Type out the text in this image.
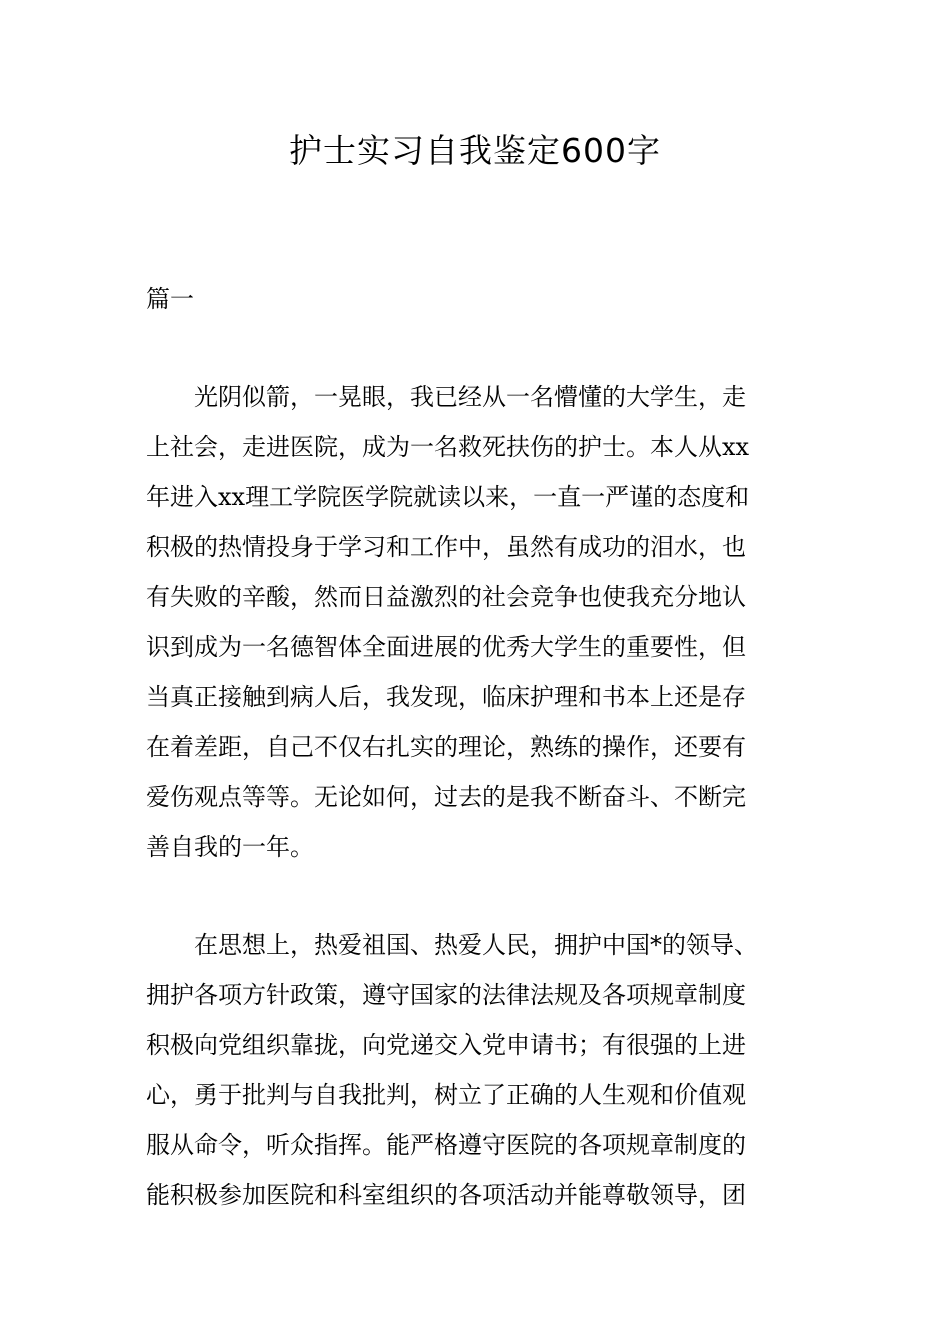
护士实习自我鉴定600字
篇一
光阴似箭，一晃眼，我已经从一名懵懂的大学生，走
上社会，走进医院，成为一名救死扶伤的护士。本人从xx
年进入xx理工学院医学院就读以来，一直一严谨的态度和
积极的热情投身于学习和工作中，虽然有成功的泪水，也
有失败的辛酸，然而日益激烈的社会竞争也使我充分地认
识到成为一名德智体全面进展的优秀大学生的重要性，但
当真正接触到病人后，我发现，临床护理和书本上还是存
在着差距，自己不仅右扎实的理论，熟练的操作，还要有
爱伤观点等等。无论如何，过去的是我不断奋斗、不断完
善自我的一年。
在思想上，热爱祖国、热爱人民，拥护中国*的领导、
拥护各项方针政策，遵守国家的法律法规及各项规章制度
积极向党组织靠拢，向党递交入党申请书；有很强的上进
心，勇于批判与自我批判，树立了正确的人生观和价值观
服从命令，听众指挥。能严格遵守医院的各项规章制度的
能积极参加医院和科室组织的各项活动并能尊敬领导，团
